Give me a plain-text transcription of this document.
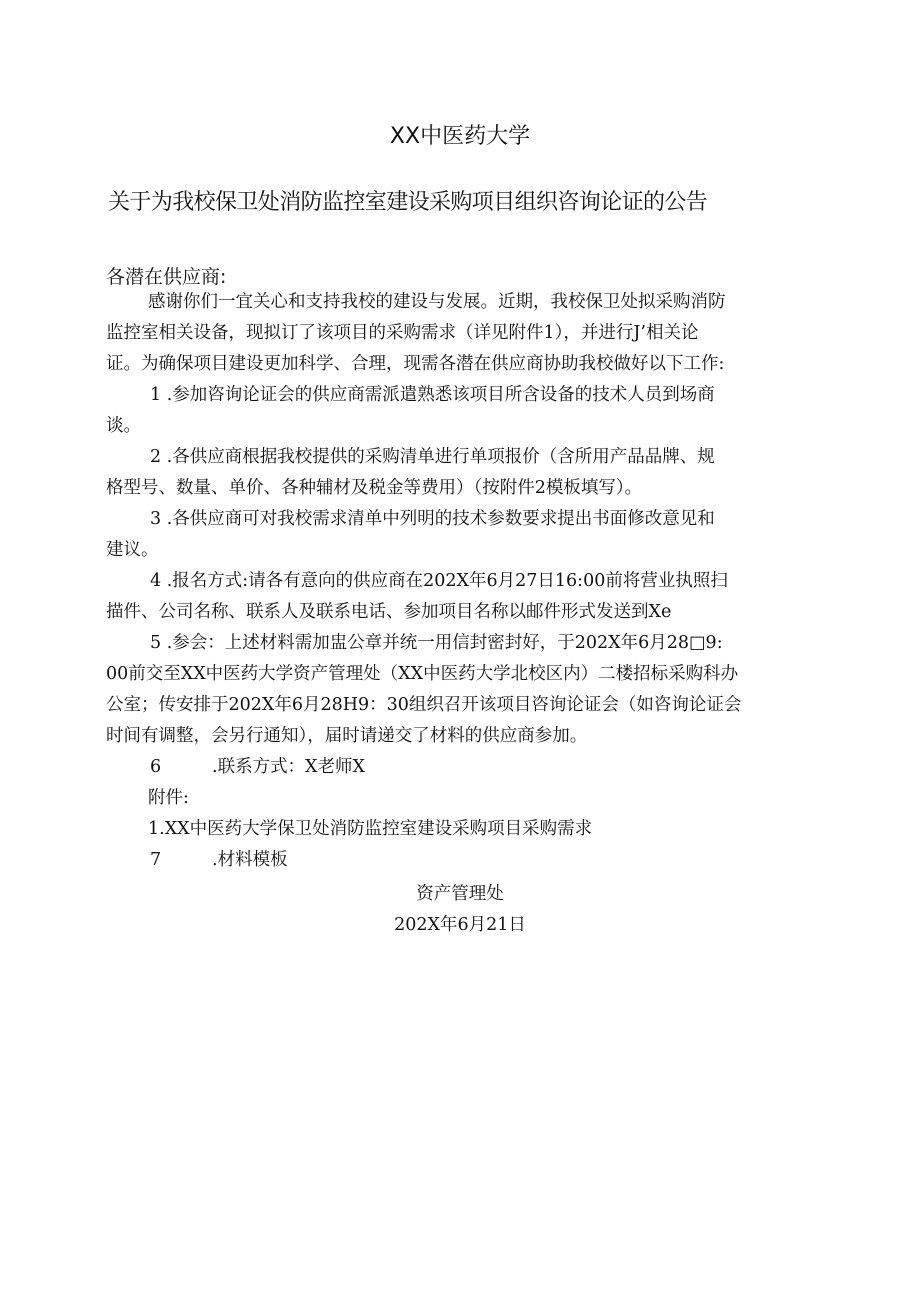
XX中医药大学
关于为我校保卫处消防监控室建设采购项目组织咨询论证的公告
各潜在供应商:
感谢你们一宜关心和支持我校的建设与发展。近期，我校保卫处拟采购消防
监控室相关设备，现拟订了该项目的采购需求（详见附件1），并进行J’相关论
证。为确保项目建设更加科学、合理，现需各潜在供应商协助我校做好以下工作:
1 .参加咨询论证会的供应商需派遣熟悉该项目所含设备的技术人员到场商
谈。
2 .各供应商根据我校提供的采购清单进行单项报价（含所用产品品牌、规
格型号、数量、单价、各种辅材及税金等费用）（按附件2模板填写）。
3 .各供应商可对我校需求清单中列明的技术参数要求提出书面修改意见和
建议。
4 .报名方式:请各有意向的供应商在202X年6月27日16:00前将营业执照扫
描件、公司名称、联系人及联系电话、参加项目名称以邮件形式发送到Xe
5 .参会：上述材料需加盅公章并统一用信封密封好，于202X年6月28□9:
00前交至XX中医药大学资产管理处（XX中医药大学北校区内）二楼招标采购科办
公室；传安排于202X年6月28H9：30组织召开该项目咨询论证会（如咨询论证会
时间有调整，会另行通知），届时请递交了材料的供应商参加。
6	.联系方式：X老师X
附件:
1.XX中医药大学保卫处消防监控室建设采购项目采购需求
7	.材料模板
资产管理处
202X年6月21日
